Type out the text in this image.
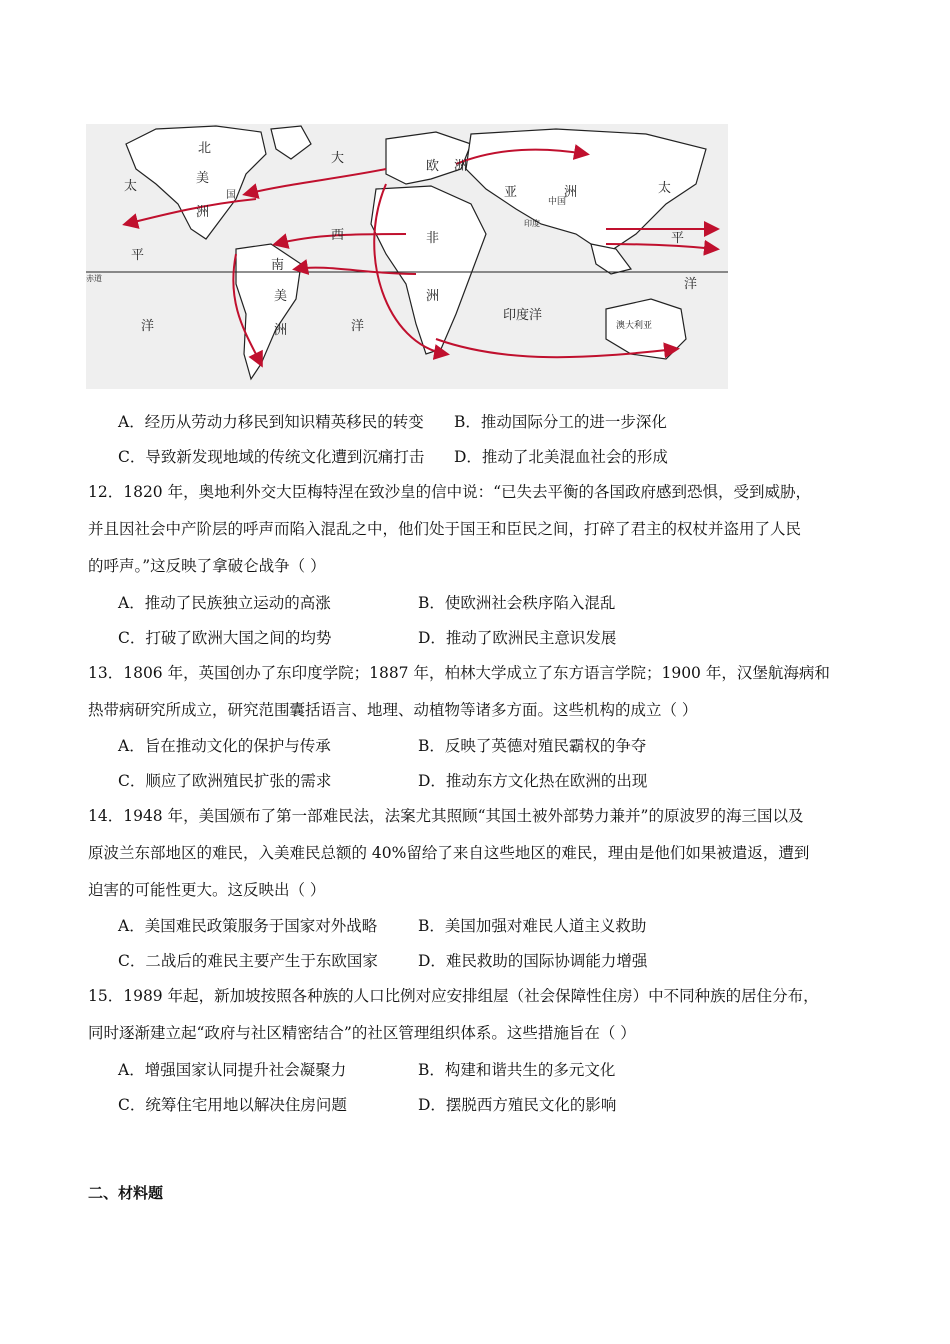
北
美
洲
国
太
平
洋
赤道
大
西
洋
南
美
洲
欧 洲
亚	洲
中国
印度
非
洲
印度洋
太
平
洋
澳大利亚
A．经历从劳动力移民到知识精英移民的转变 B．推动国际分工的进一步深化
C．导致新发现地域的传统文化遭到沉痛打击 D．推动了北美混血社会的形成
12．1820 年，奥地利外交大臣梅特涅在致沙皇的信中说：“已失去平衡的各国政府感到恐惧，受到威胁，
并且因社会中产阶层的呼声而陷入混乱之中，他们处于国王和臣民之间，打碎了君主的权杖并盗用了人民
的呼声。”这反映了拿破仑战争（ ）
A．推动了民族独立运动的高涨	B．使欧洲社会秩序陷入混乱
C．打破了欧洲大国之间的均势	D．推动了欧洲民主意识发展
13．1806 年，英国创办了东印度学院；1887 年，柏林大学成立了东方语言学院；1900 年，汉堡航海病和
热带病研究所成立，研究范围囊括语言、地理、动植物等诸多方面。这些机构的成立（ ）
A．旨在推动文化的保护与传承	B．反映了英德对殖民霸权的争夺
C．顺应了欧洲殖民扩张的需求	D．推动东方文化热在欧洲的出现
14．1948 年，美国颁布了第一部难民法，法案尤其照顾“其国土被外部势力兼并”的原波罗的海三国以及
原波兰东部地区的难民，入美难民总额的 40%留给了来自这些地区的难民，理由是他们如果被遣返，遭到
迫害的可能性更大。这反映出（ ）
A．美国难民政策服务于国家对外战略	B．美国加强对难民人道主义救助
C．二战后的难民主要产生于东欧国家	D．难民救助的国际协调能力增强
15．1989 年起，新加坡按照各种族的人口比例对应安排组屋（社会保障性住房）中不同种族的居住分布，
同时逐渐建立起“政府与社区精密结合”的社区管理组织体系。这些措施旨在（ ）
A．增强国家认同提升社会凝聚力	B．构建和谐共生的多元文化
C．统筹住宅用地以解决住房问题	D．摆脱西方殖民文化的影响
二、材料题
